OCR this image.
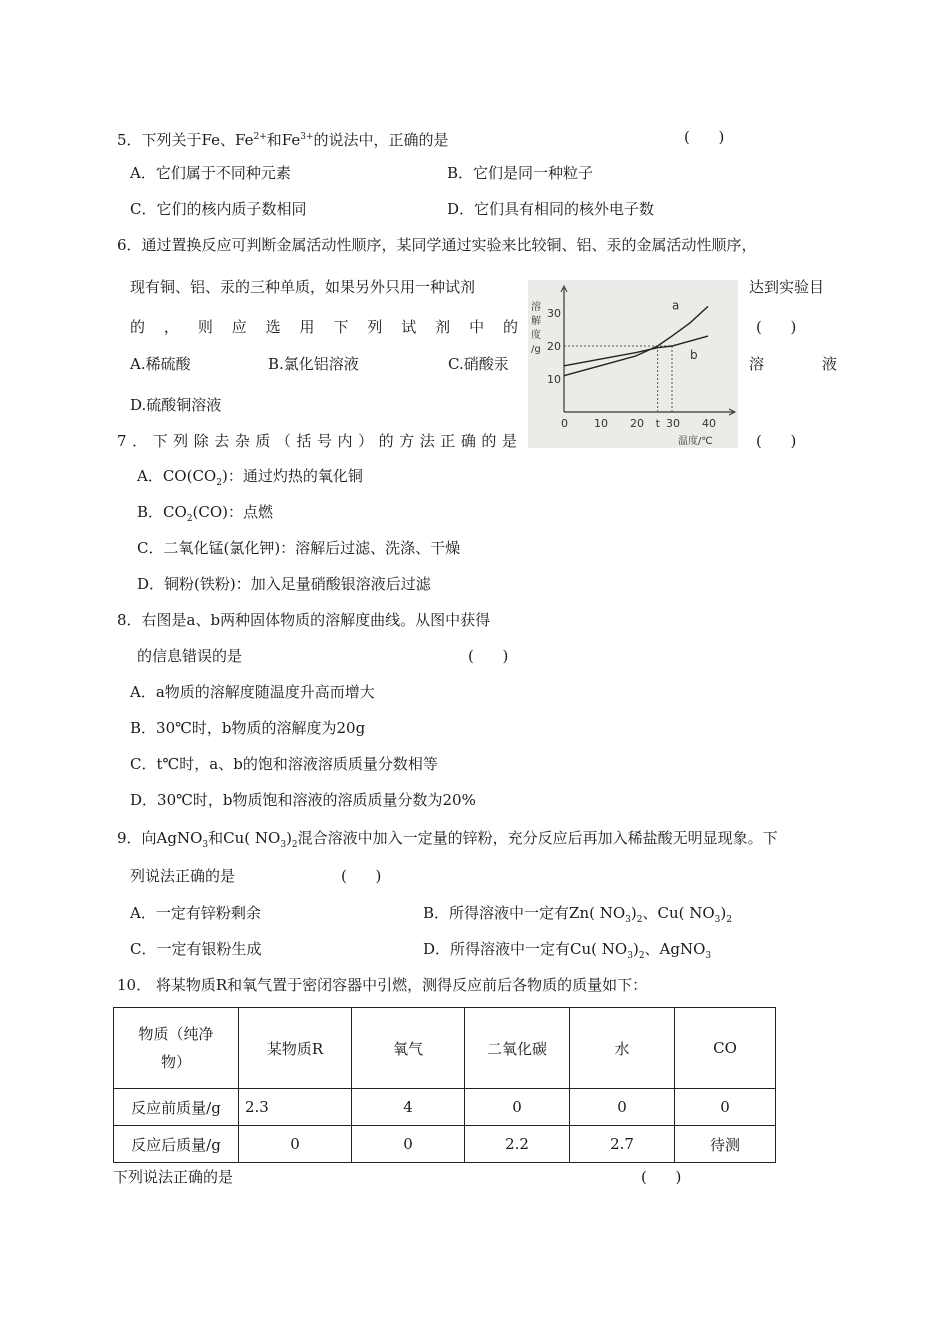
5．下列关于Fe、$Fe^{2+}$和$Fe^{3+}$的说法中，正确的是	(      )
A．它们属于不同种元素	B．它们是同一种粒子
C．它们的核内质子数相同	D．它们具有相同的核外电子数
6．通过置换反应可判断金属活动性顺序，某同学通过实验来比较铜、铝、汞的金属活动性顺序，
现有铜、铝、汞的三种单质，如果另外只用一种试剂	达到实验目
的 ， 则 应 选 用 下 列 试 剂 中 的	(      )
A.稀硫酸	B.氯化铝溶液	C.硝酸汞	溶	液
D.硫酸铜溶液
7 ． 下 列 除 去 杂 质 （ 括 号 内 ） 的 方 法 正 确 的 是	(      )
A．$CO(CO_2)$：通过灼热的氧化铜
B．$CO_2(CO)$：点燃
C．二氧化锰(氯化钾)：溶解后过滤、洗涤、干燥
D．铜粉(铁粉)：加入足量硝酸银溶液后过滤
8．右图是a、b两种固体物质的溶解度曲线。从图中获得
的信息错误的是	(      )
A．a物质的溶解度随温度升高而增大
B．30℃时，b物质的溶解度为20g
C．t℃时，a、b的饱和溶液溶质质量分数相等
D．30℃时，b物质饱和溶液的溶质质量分数为20%
9．向AgNO$_3$和Cu( $NO_3)_2$混合溶液中加入一定量的锌粉，充分反应后再加入稀盐酸无明显现象。下
列说法正确的是	(      )
A．一定有锌粉剩余	B．所得溶液中一定有Zn( $NO_3)_2$、Cu( $NO_3)_2$
C．一定有银粉生成	D．所得溶液中一定有Cu( $NO_3)_2$、AgNO$_3$
10． 将某物质R和氧气置于密闭容器中引燃，测得反应前后各物质的质量如下：
物质（纯净
物）	某物质R	氧气	二氧化碳	水	CO
反应前质量/g	2.3	4	0	0	0
反应后质量/g	0	0	2.2	2.7	待测
下列说法正确的是	(      )
溶
解
度
/g
温度/℃
0 10 20 30 40
10
20
30
t
a
b
